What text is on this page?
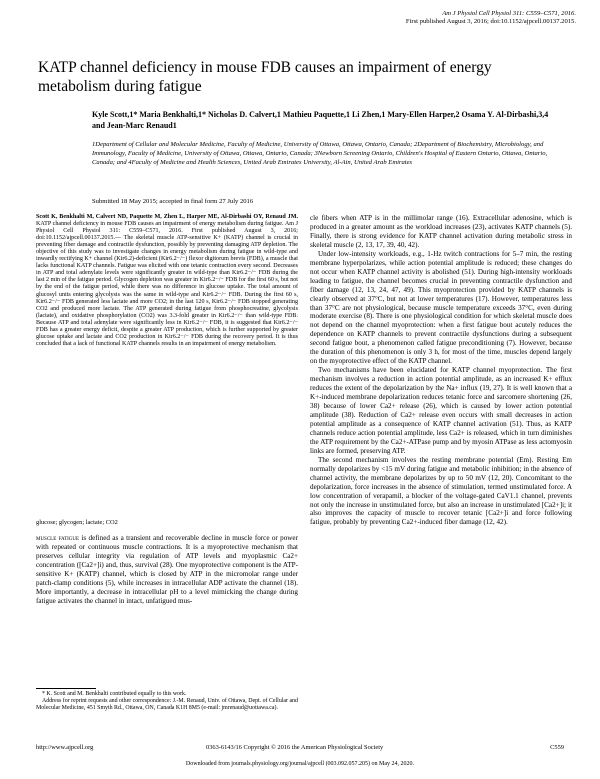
Am J Physiol Cell Physiol 311: C559–C571, 2016.
First published August 3, 2016; doi:10.1152/ajpcell.00137.2015.
KATP channel deficiency in mouse FDB causes an impairment of energy metabolism during fatigue
Kyle Scott,1* Maria Benkhalti,1* Nicholas D. Calvert,1 Mathieu Paquette,1 Li Zhen,1 Mary-Ellen Harper,2 Osama Y. Al-Dirbashi,3,4 and Jean-Marc Renaud1
1Department of Cellular and Molecular Medicine, Faculty of Medicine, University of Ottawa, Ottawa, Ontario, Canada; 2Department of Biochemistry, Microbiology, and Immunology, Faculty of Medicine, University of Ottawa, Ottawa, Ontario, Canada; 3Newborn Screening Ontario, Children's Hospital of Eastern Ontario, Ottawa, Ontario, Canada; and 4Faculty of Medicine and Health Sciences, United Arab Emirates University, Al-Ain, United Arab Emirates
Submitted 18 May 2015; accepted in final form 27 July 2016
Scott K, Benkhalti M, Calvert ND, Paquette M, Zhen L, Harper ME, Al-Dirbashi OY, Renaud JM. KATP channel deficiency in mouse FDB causes an impairment of energy metabolism during fatigue. Am J Physiol Cell Physiol 311: C559–C571, 2016. First published August 3, 2016; doi:10.1152/ajpcell.00137.2015.— The skeletal muscle ATP-sensitive K+ (KATP) channel is crucial in preventing fiber damage and contractile dysfunction, possibly by preventing damaging ATP depletion. The objective of this study was to investigate changes in energy metabolism during fatigue in wild-type and inwardly rectifying K+ channel (Kir6.2)-deficient (Kir6.2−/−) flexor digitorum brevis (FDB), a muscle that lacks functional KATP channels. Fatigue was elicited with one tetanic contraction every second. Decreases in ATP and total adenylate levels were significantly greater in wild-type than Kir6.2−/− FDB during the last 2 min of the fatigue period. Glycogen depletion was greater in Kir6.2−/− FDB for the first 60 s, but not by the end of the fatigue period, while there was no difference in glucose uptake. The total amount of glucosyl units entering glycolysis was the same in wild-type and Kir6.2−/− FDB. During the first 60 s, Kir6.2−/− FDB generated less lactate and more CO2; in the last 120 s, Kir6.2−/− FDB stopped generating CO2 and produced more lactate. The ATP generated during fatigue from phosphocreatine, glycolysis (lactate), and oxidative phosphorylation (CO2) was 3.3-fold greater in Kir6.2−/− than wild-type FDB. Because ATP and total adenylate were significantly less in Kir6.2−/− FDB, it is suggested that Kir6.2−/− FDB has a greater energy deficit, despite a greater ATP production, which is further supported by greater glucose uptake and lactate and CO2 production in Kir6.2−/− FDB during the recovery period. It is thus concluded that a lack of functional KATP channels results in an impairment of energy metabolism.
glucose; glycogen; lactate; CO2
muscle fatigue is defined as a transient and recoverable decline in muscle force or power with repeated or continuous muscle contractions. It is a myoprotective mechanism that preserves cellular integrity via regulation of ATP levels and myoplasmic Ca2+ concentration ([Ca2+]i) and, thus, survival (28). One myoprotective component is the ATP-sensitive K+ (KATP) channel, which is closed by ATP in the micromolar range under patch-clamp conditions (5), while increases in intracellular ADP activate the channel (18). More importantly, a decrease in intracellular pH to a level mimicking the change during fatigue activates the channel in intact, unfatigued mus-

* K. Scott and M. Benkhalti contributed equally to this work.

Address for reprint requests and other correspondence: J.-M. Renaud, Univ. of Ottawa, Dept. of Cellular and Molecular Medicine, 451 Smyth Rd., Ottawa, ON, Canada K1H 8M5 (e-mail: jmrenaud@uottawa.ca).

cle fibers when ATP is in the millimolar range (16). Extracellular adenosine, which is produced in a greater amount as the workload increases (23), activates KATP channels (5). Finally, there is strong evidence for KATP channel activation during metabolic stress in skeletal muscle (2, 13, 17, 39, 40, 42).

Under low-intensity workloads, e.g., 1-Hz twitch contractions for 5–7 min, the resting membrane hyperpolarizes, while action potential amplitude is reduced; these changes do not occur when KATP channel activity is abolished (51). During high-intensity workloads leading to fatigue, the channel becomes crucial in preventing contractile dysfunction and fiber damage (12, 13, 24, 47, 49). This myoprotection provided by KATP channels is clearly observed at 37°C, but not at lower temperatures (17). However, temperatures less than 37°C are not physiological, because muscle temperature exceeds 37°C, even during moderate exercise (8). There is one physiological condition for which skeletal muscle does not depend on the channel myoprotection: when a first fatigue bout acutely reduces the dependence on KATP channels to prevent contractile dysfunctions during a subsequent second fatigue bout, a phenomenon called fatigue preconditioning (7). However, because the duration of this phenomenon is only 3 h, for most of the time, muscles depend largely on the myoprotective effect of the KATP channel.

Two mechanisms have been elucidated for KATP channel myoprotection. The first mechanism involves a reduction in action potential amplitude, as an increased K+ efflux reduces the extent of the depolarization by the Na+ influx (19, 27). It is well known that a K+-induced membrane depolarization reduces tetanic force and sarcomere shortening (26, 38) because of lower Ca2+ release (26), which is caused by lower action potential amplitude (38). Reduction of Ca2+ release even occurs with small decreases in action potential amplitude as a consequence of KATP channel activation (51). Thus, as KATP channels reduce action potential amplitude, less Ca2+ is released, which in turn diminishes the ATP requirement by the Ca2+-ATPase pump and by myosin ATPase as less actomyosin links are formed, preserving ATP.

The second mechanism involves the resting membrane potential (Em). Resting Em normally depolarizes by <15 mV during fatigue and metabolic inhibition; in the absence of channel activity, the membrane depolarizes by up to 50 mV (12, 20). Concomitant to the depolarization, force increases in the absence of stimulation, termed unstimulated force. A low concentration of verapamil, a blocker of the voltage-gated CaV1.1 channel, prevents not only the increase in unstimulated force, but also an increase in unstimulated [Ca2+]i; it also improves the capacity of muscle to recover tetanic [Ca2+]i and force following fatigue, probably by preventing Ca2+-induced fiber damage (12, 42).

http://www.ajpcell.org	0363-6143/16 Copyright © 2016 the American Physiological Society	C559
Downloaded from journals.physiology.org/journal/ajpcell (003.092.057.205) on May 24, 2020.
